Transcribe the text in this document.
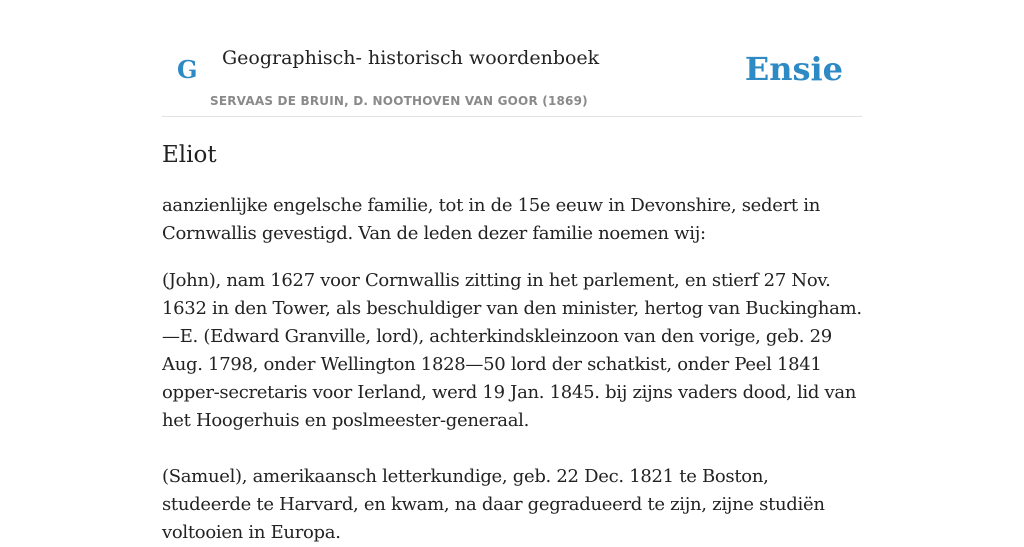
G Geographisch- historisch woordenboek
SERVAAS DE BRUIN, D. NOOTHOVEN VAN GOOR (1869)
Ensie
Eliot

aanzienlijke engelsche familie, tot in de 15e eeuw in Devonshire, sedert in Cornwallis gevestigd. Van de leden dezer familie noemen wij:

(John), nam 1627 voor Cornwallis zitting in het parlement, en stierf 27 Nov. 1632 in den Tower, als beschuldiger van den minister, hertog van Buckingham. —E. (Edward Granville, lord), achterkindskleinzoon van den vorige, geb. 29 Aug. 1798, onder Wellington 1828—50 lord der schatkist, onder Peel 1841 opper-secretaris voor Ierland, werd 19 Jan. 1845. bij zijns vaders dood, lid van het Hoogerhuis en poslmeester-generaal.

(Samuel), amerikaansch letterkundige, geb. 22 Dec. 1821 te Boston, studeerde te Harvard, en kwam, na daar gegradueerd te zijn, zijne studiën voltooien in Europa.
